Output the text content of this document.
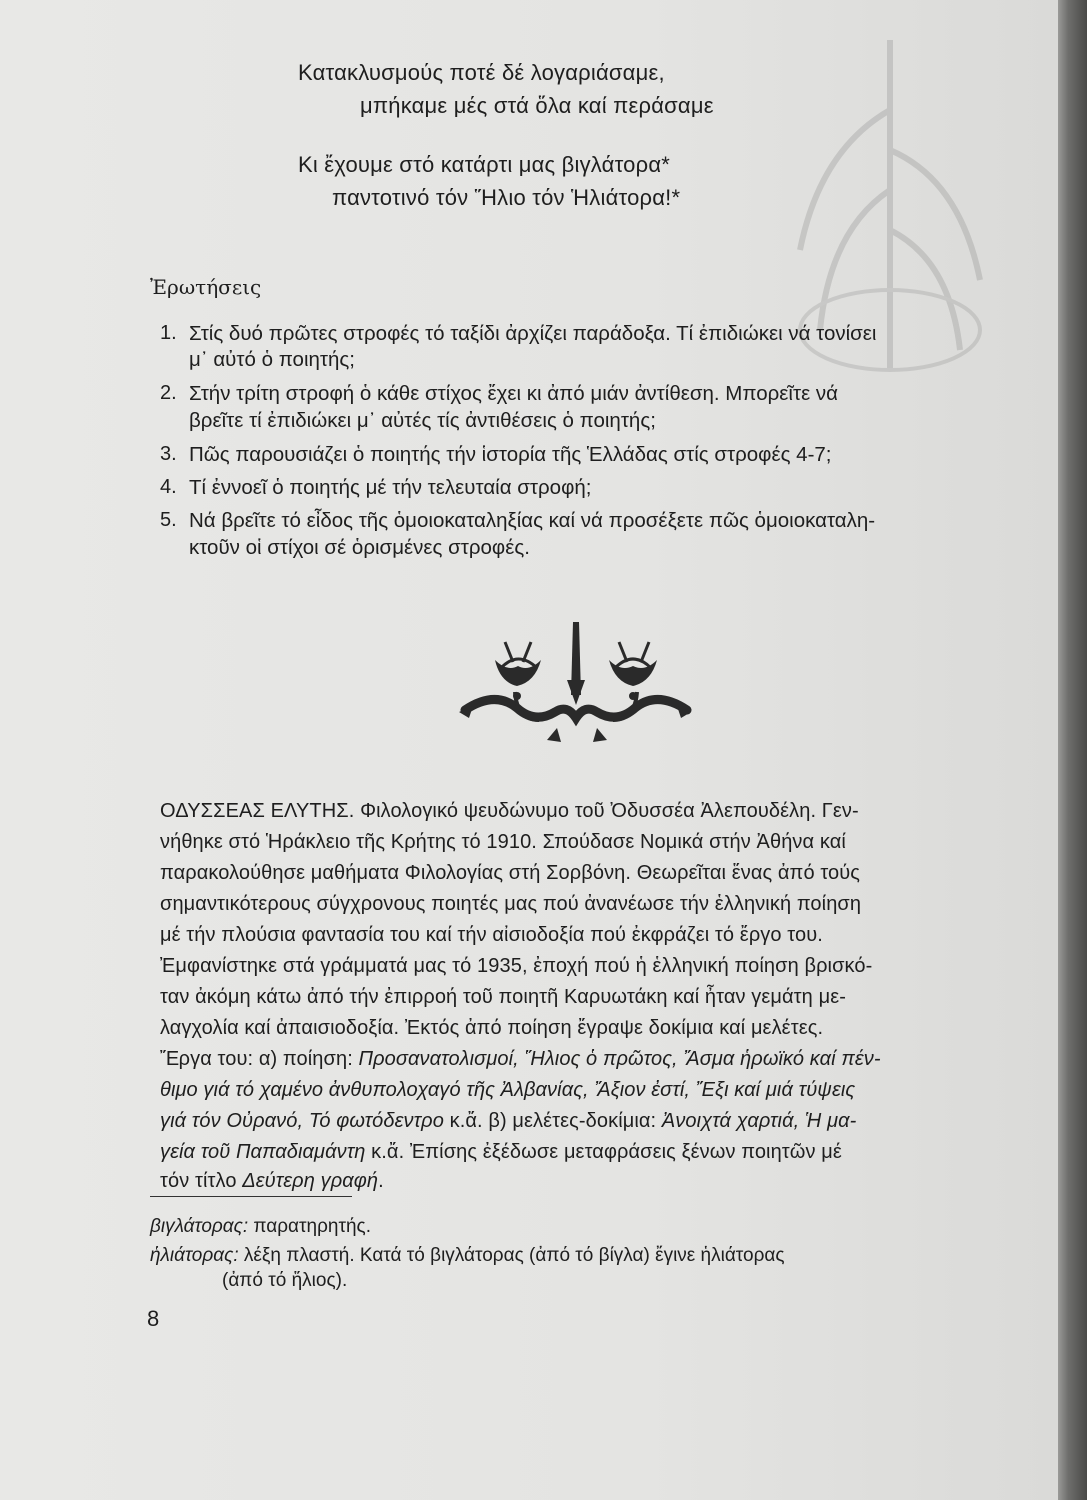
Κατακλυσμούς ποτέ δέ λογαριάσαμε,
μπήκαμε μές στά ὅλα καί περάσαμε
Κι ἔχουμε στό κατάρτι μας βιγλάτορα*
παντοτινό τόν Ἥλιο τόν Ἡλιάτορα!*
Ἐρωτήσεις
1. Στίς δυό πρῶτες στροφές τό ταξίδι ἀρχίζει παράδοξα. Τί ἐπιδιώκει νά τονίσει
μ᾿ αὐτό ὁ ποιητής;
2. Στήν τρίτη στροφή ὁ κάθε στίχος ἔχει κι ἀπό μιάν ἀντίθεση. Μπορεῖτε νά
βρεῖτε τί ἐπιδιώκει μ᾿ αὐτές τίς ἀντιθέσεις ὁ ποιητής;
3. Πῶς παρουσιάζει ὁ ποιητής τήν ἱστορία τῆς Ἑλλάδας στίς στροφές 4-7;
4. Τί ἐννοεῖ ὁ ποιητής μέ τήν τελευταία στροφή;
5. Νά βρεῖτε τό εἶδος τῆς ὁμοιοκαταληξίας καί νά προσέξετε πῶς ὁμοιοκαταλη-
κτοῦν οἱ στίχοι σέ ὁρισμένες στροφές.
ΟΔΥΣΣΕΑΣ ΕΛΥΤΗΣ. Φιλολογικό ψευδώνυμο τοῦ Ὀδυσσέα Ἀλεπουδέλη. Γεν-
νήθηκε στό Ἡράκλειο τῆς Κρήτης τό 1910. Σπούδασε Νομικά στήν Ἀθήνα καί
παρακολούθησε μαθήματα Φιλολογίας στή Σορβόνη. Θεωρεῖται ἕνας ἀπό τούς
σημαντικότερους σύγχρονους ποιητές μας πού ἀνανέωσε τήν ἑλληνική ποίηση
μέ τήν πλούσια φαντασία του καί τήν αἰσιοδοξία πού ἐκφράζει τό ἔργο του.
Ἐμφανίστηκε στά γράμματά μας τό 1935, ἐποχή πού ἡ ἑλληνική ποίηση βρισκό-
ταν ἀκόμη κάτω ἀπό τήν ἐπιρροή τοῦ ποιητῆ Καρυωτάκη καί ἦταν γεμάτη με-
λαγχολία καί ἀπαισιοδοξία. Ἐκτός ἀπό ποίηση ἔγραψε δοκίμια καί μελέτες.
Ἔργα του: α) ποίηση: Προσανατολισμοί, Ἥλιος ὁ πρῶτος, Ἄσμα ἡρωϊκό καί πέν-
θιμο γιά τό χαμένο ἀνθυπολοχαγό τῆς Ἀλβανίας, Ἄξιον ἐστί, Ἔξι καί μιά τύψεις
γιά τόν Οὐρανό, Τό φωτόδεντρο κ.ἄ. β) μελέτες-δοκίμια: Ἀνοιχτά χαρτιά, Ἡ μα-
γεία τοῦ Παπαδιαμάντη κ.ἄ. Ἐπίσης ἐξέδωσε μεταφράσεις ξένων ποιητῶν μέ
τόν τίτλο Δεύτερη γραφή.
βιγλάτορας: παρατηρητής.
ἡλιάτορας: λέξη πλαστή. Κατά τό βιγλάτορας (ἀπό τό βίγλα) ἔγινε ἡλιάτορας
(ἀπό τό ἥλιος).
8
